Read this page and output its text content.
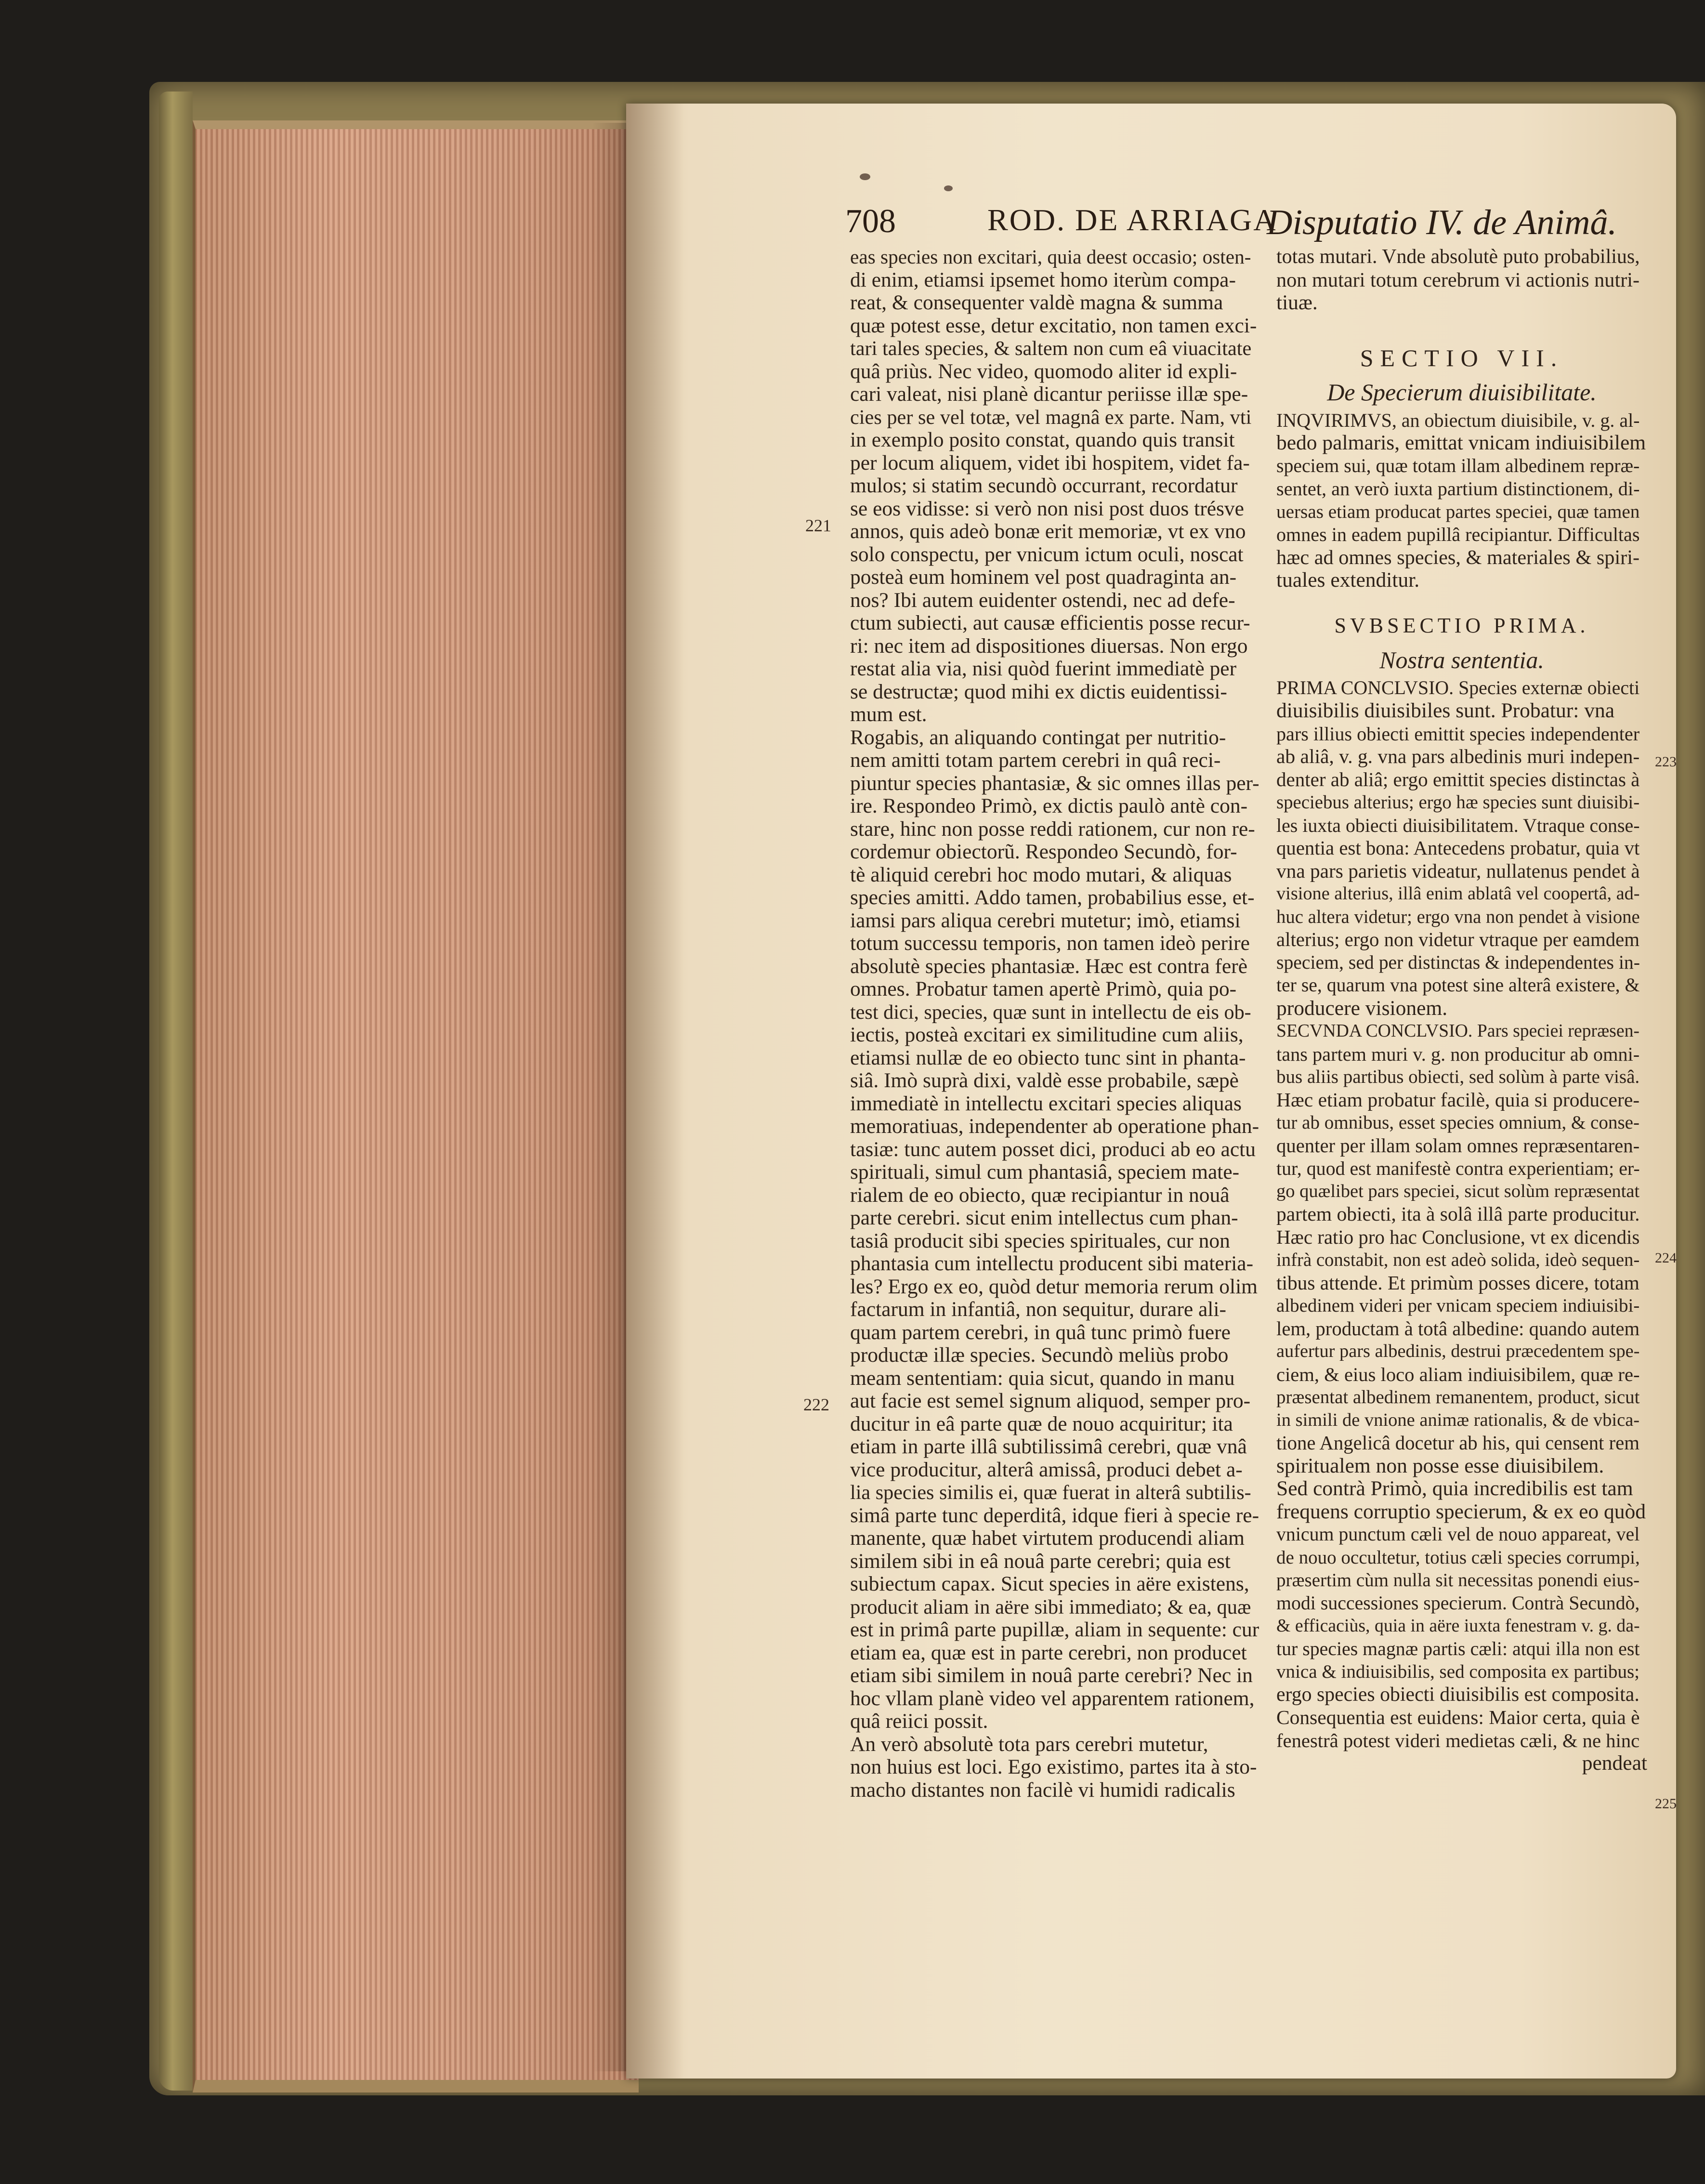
708	ROD. DE ARRIAGA
Disputatio IV. de Animâ.
221
222
223
224
225
eas species non excitari, quia deest occasio; osten-
di enim, etiamsi ipsemet homo iterùm compa-
reat, & consequenter valdè magna & summa
quæ potest esse, detur excitatio, non tamen exci-
tari tales species, & saltem non cum eâ viuacitate
quâ priùs. Nec video, quomodo aliter id expli-
cari valeat, nisi planè dicantur periisse illæ spe-
cies per se vel totæ, vel magnâ ex parte. Nam, vti
in exemplo posito constat, quando quis transit
per locum aliquem, videt ibi hospitem, videt fa-
mulos; si statim secundò occurrant, recordatur
se eos vidisse: si verò non nisi post duos trésve
annos, quis adeò bonæ erit memoriæ, vt ex vno
solo conspectu, per vnicum ictum oculi, noscat
posteà eum hominem vel post quadraginta an-
nos? Ibi autem euidenter ostendi, nec ad defe-
ctum subiecti, aut causæ efficientis posse recur-
ri: nec item ad dispositiones diuersas. Non ergo
restat alia via, nisi quòd fuerint immediatè per
se destructæ; quod mihi ex dictis euidentissi-
mum est.
Rogabis, an aliquando contingat per nutritio-
nem amitti totam partem cerebri in quâ reci-
piuntur species phantasiæ, & sic omnes illas per-
ire. Respondeo Primò, ex dictis paulò antè con-
stare, hinc non posse reddi rationem, cur non re-
cordemur obiectorũ. Respondeo Secundò, for-
tè aliquid cerebri hoc modo mutari, & aliquas
species amitti. Addo tamen, probabilius esse, et-
iamsi pars aliqua cerebri mutetur; imò, etiamsi
totum successu temporis, non tamen ideò perire
absolutè species phantasiæ. Hæc est contra ferè
omnes. Probatur tamen apertè Primò, quia po-
test dici, species, quæ sunt in intellectu de eis ob-
iectis, posteà excitari ex similitudine cum aliis,
etiamsi nullæ de eo obiecto tunc sint in phanta-
siâ. Imò suprà dixi, valdè esse probabile, sæpè
immediatè in intellectu excitari species aliquas
memoratiuas, independenter ab operatione phan-
tasiæ: tunc autem posset dici, produci ab eo actu
spirituali, simul cum phantasiâ, speciem mate-
rialem de eo obiecto, quæ recipiantur in nouâ
parte cerebri. sicut enim intellectus cum phan-
tasiâ producit sibi species spirituales, cur non
phantasia cum intellectu producent sibi materia-
les? Ergo ex eo, quòd detur memoria rerum olim
factarum in infantiâ, non sequitur, durare ali-
quam partem cerebri, in quâ tunc primò fuere
productæ illæ species. Secundò meliùs probo
meam sententiam: quia sicut, quando in manu
aut facie est semel signum aliquod, semper pro-
ducitur in eâ parte quæ de nouo acquiritur; ita
etiam in parte illâ subtilissimâ cerebri, quæ vnâ
vice producitur, alterâ amissâ, produci debet a-
lia species similis ei, quæ fuerat in alterâ subtilis-
simâ parte tunc deperditâ, idque fieri à specie re-
manente, quæ habet virtutem producendi aliam
similem sibi in eâ nouâ parte cerebri; quia est
subiectum capax. Sicut species in aëre existens,
producit aliam in aëre sibi immediato; & ea, quæ
est in primâ parte pupillæ, aliam in sequente: cur
etiam ea, quæ est in parte cerebri, non producet
etiam sibi similem in nouâ parte cerebri? Nec in
hoc vllam planè video vel apparentem rationem,
quâ reiici possit.
An verò absolutè tota pars cerebri mutetur,
non huius est loci. Ego existimo, partes ita à sto-
macho distantes non facilè vi humidi radicalis
totas mutari. Vnde absolutè puto probabilius,
non mutari totum cerebrum vi actionis nutri-
tiuæ.
SECTIO VII.
De Specierum diuisibilitate.
INQVIRIMVS, an obiectum diuisibile, v. g. al-
bedo palmaris, emittat vnicam indiuisibilem
speciem sui, quæ totam illam albedinem repræ-
sentet, an verò iuxta partium distinctionem, di-
uersas etiam producat partes speciei, quæ tamen
omnes in eadem pupillâ recipiantur. Difficultas
hæc ad omnes species, & materiales & spiri-
tuales extenditur.
SVBSECTIO PRIMA.
Nostra sententia.
PRIMA CONCLVSIO. Species externæ obiecti
diuisibilis diuisibiles sunt. Probatur: vna
pars illius obiecti emittit species independenter
ab aliâ, v. g. vna pars albedinis muri indepen-
denter ab aliâ; ergo emittit species distinctas à
speciebus alterius; ergo hæ species sunt diuisibi-
les iuxta obiecti diuisibilitatem. Vtraque conse-
quentia est bona: Antecedens probatur, quia vt
vna pars parietis videatur, nullatenus pendet à
visione alterius, illâ enim ablatâ vel coopertâ, ad-
huc altera videtur; ergo vna non pendet à visione
alterius; ergo non videtur vtraque per eamdem
speciem, sed per distinctas & independentes in-
ter se, quarum vna potest sine alterâ existere, &
producere visionem.
SECVNDA CONCLVSIO. Pars speciei repræsen-
tans partem muri v. g. non producitur ab omni-
bus aliis partibus obiecti, sed solùm à parte visâ.
Hæc etiam probatur facilè, quia si producere-
tur ab omnibus, esset species omnium, & conse-
quenter per illam solam omnes repræsentaren-
tur, quod est manifestè contra experientiam; er-
go quælibet pars speciei, sicut solùm repræsentat
partem obiecti, ita à solâ illâ parte producitur.
Hæc ratio pro hac Conclusione, vt ex dicendis
infrà constabit, non est adeò solida, ideò sequen-
tibus attende. Et primùm posses dicere, totam
albedinem videri per vnicam speciem indiuisibi-
lem, productam à totâ albedine: quando autem
aufertur pars albedinis, destrui præcedentem spe-
ciem, & eius loco aliam indiuisibilem, quæ re-
præsentat albedinem remanentem, product, sicut
in simili de vnione animæ rationalis, & de vbica-
tione Angelicâ docetur ab his, qui censent rem
spiritualem non posse esse diuisibilem.
Sed contrà Primò, quia incredibilis est tam
frequens corruptio specierum, & ex eo quòd
vnicum punctum cæli vel de nouo appareat, vel
de nouo occultetur, totius cæli species corrumpi,
præsertim cùm nulla sit necessitas ponendi eius-
modi successiones specierum. Contrà Secundò,
& efficaciùs, quia in aëre iuxta fenestram v. g. da-
tur species magnæ partis cæli: atqui illa non est
vnica & indiuisibilis, sed composita ex partibus;
ergo species obiecti diuisibilis est composita.
Consequentia est euidens: Maior certa, quia è
fenestrâ potest videri medietas cæli, & ne hinc
pendeat
